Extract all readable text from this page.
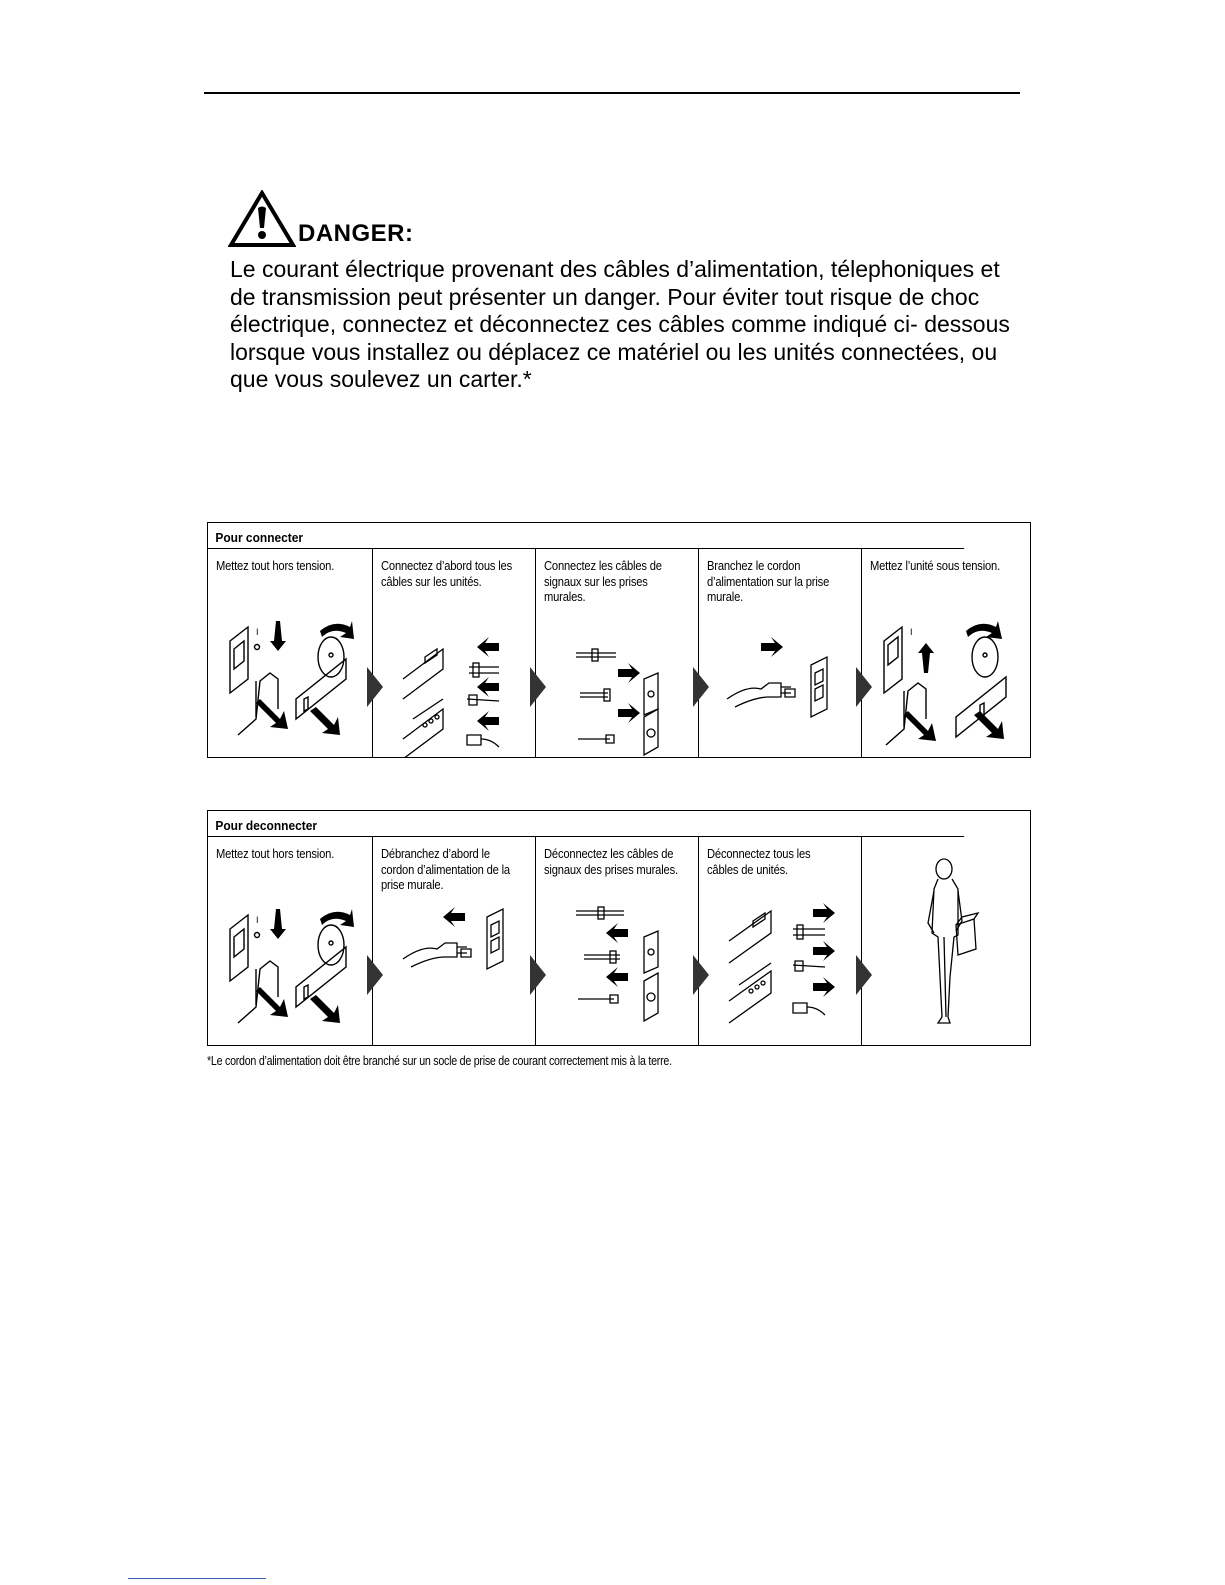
DANGER:

Le courant électrique provenant des câbles d’alimentation, télephoniques et de transmission peut présenter un danger. Pour éviter tout risque de choc électrique, connectez et déconnectez ces câbles comme indiqué ci- dessous lorsque vous installez ou déplacez ce matériel ou les unités connectées, ou que vous soulevez un carter.*

Pour connecter
Mettez tout hors tension.
I
Connectez d’abord tous les câbles sur les unités.
Connectez les câbles de signaux sur les prises murales.
Branchez le cordon d’alimentation sur la prise murale.
Mettez l’unité sous tension.
I
Pour deconnecter
Mettez tout hors tension.
I
Débranchez d’abord le cordon d’alimentation de la prise murale.
Déconnectez les câbles de signaux des prises murales.
Déconnectez tous les câbles de unités.
*Le cordon d’alimentation doit être branché sur un socle de prise de courant correctement mis à la terre.
